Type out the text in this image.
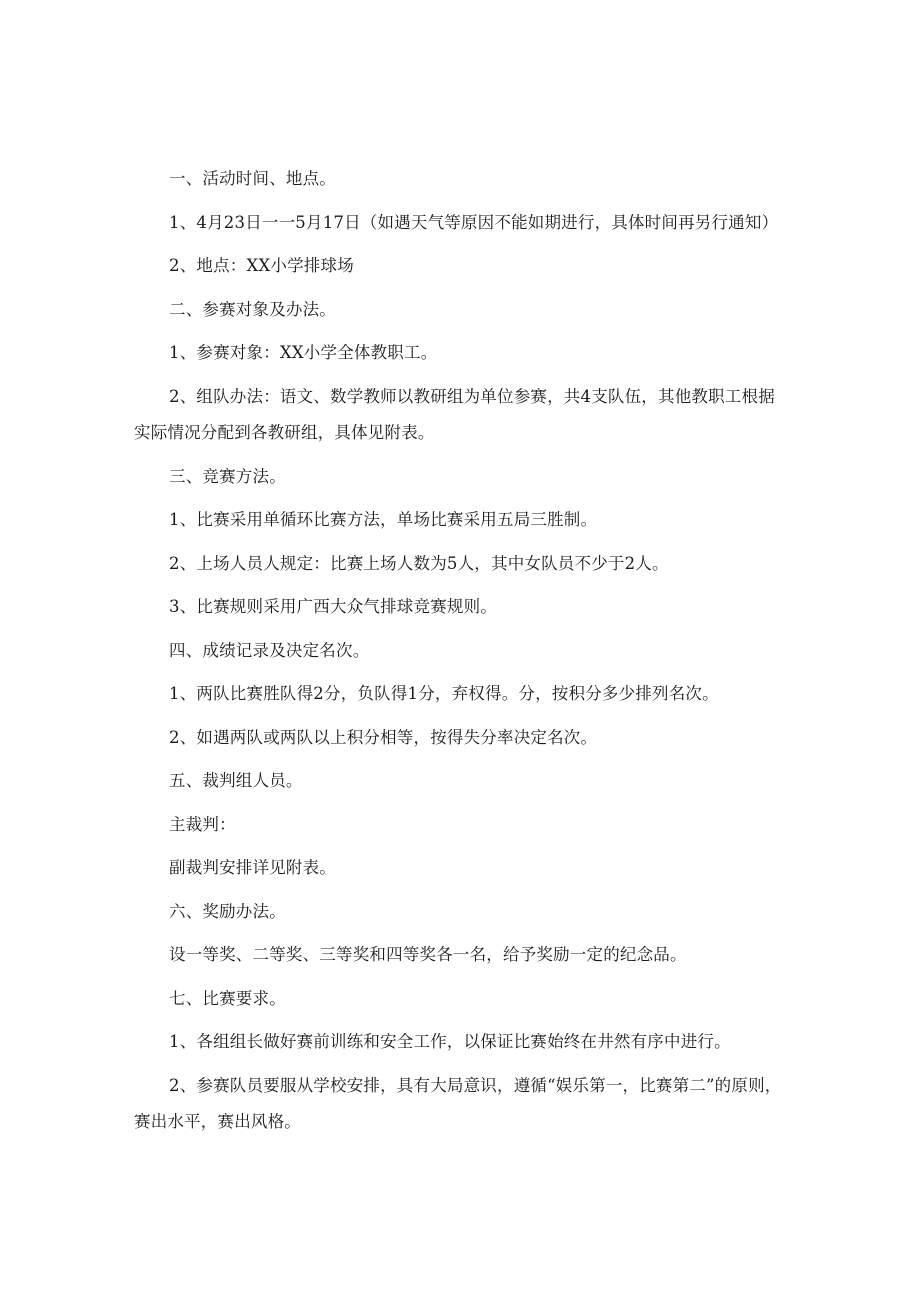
一、活动时间、地点。

1、4月23日一一5月17日（如遇天气等原因不能如期进行，具体时间再另行通知）

2、地点：XX小学排球场

二、参赛对象及办法。

1、参赛对象：XX小学全体教职工。

2、组队办法：语文、数学教师以教研组为单位参赛，共4支队伍，其他教职工根据实际情况分配到各教研组，具体见附表。

三、竞赛方法。

1、比赛采用单循环比赛方法，单场比赛采用五局三胜制。

2、上场人员人规定：比赛上场人数为5人，其中女队员不少于2人。

3、比赛规则采用广西大众气排球竞赛规则。

四、成绩记录及决定名次。

1、两队比赛胜队得2分，负队得1分，弃权得。分，按积分多少排列名次。

2、如遇两队或两队以上积分相等，按得失分率决定名次。

五、裁判组人员。

主裁判：

副裁判安排详见附表。

六、奖励办法。

设一等奖、二等奖、三等奖和四等奖各一名，给予奖励一定的纪念品。

七、比赛要求。

1、各组组长做好赛前训练和安全工作，以保证比赛始终在井然有序中进行。

2、参赛队员要服从学校安排，具有大局意识，遵循“娱乐第一，比赛第二”的原则，赛出水平，赛出风格。
